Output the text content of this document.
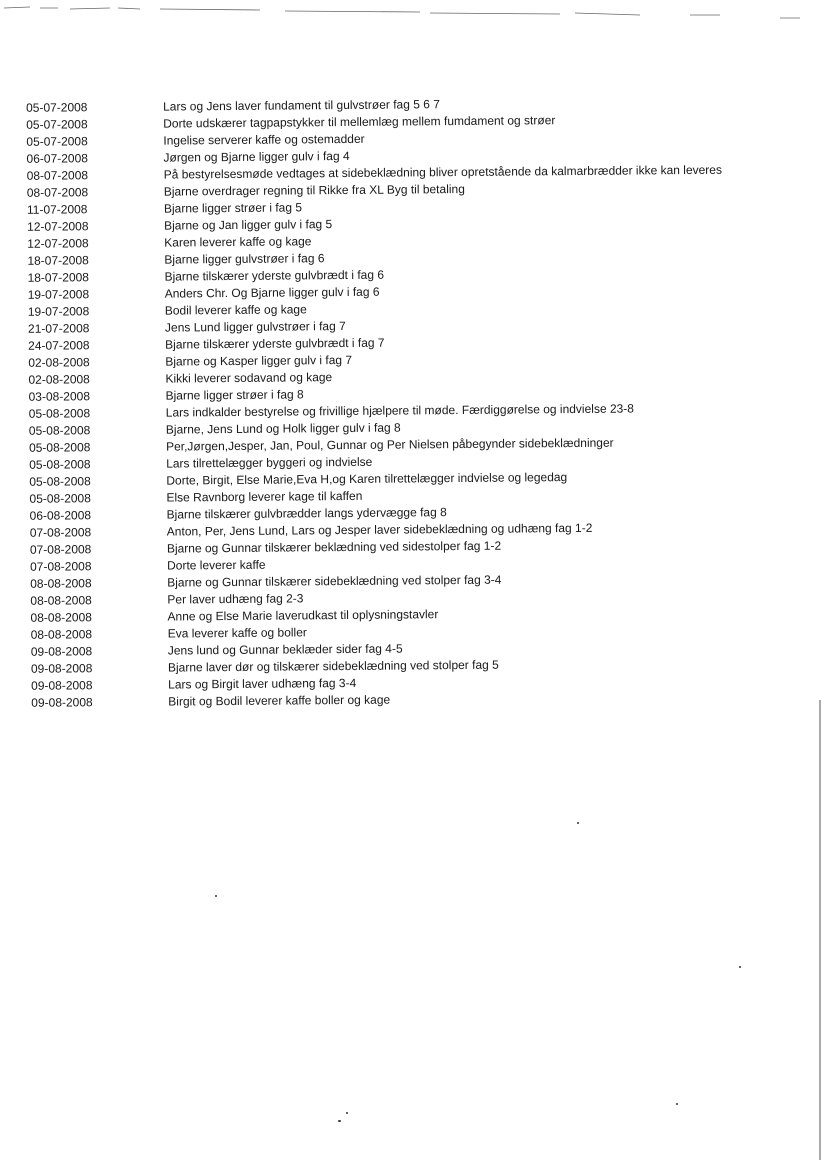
05-07-2008	Lars og Jens laver fundament til gulvstrøer fag 5 6 7
05-07-2008	Dorte udskærer tagpapstykker til mellemlæg mellem fumdament og strøer
05-07-2008	Ingelise serverer kaffe og ostemadder
06-07-2008	Jørgen og Bjarne ligger gulv i fag 4
08-07-2008	På bestyrelsesmøde vedtages at sidebeklædning bliver opretstående da kalmarbrædder ikke kan leveres
08-07-2008	Bjarne overdrager regning til Rikke fra XL Byg til betaling
11-07-2008	Bjarne ligger strøer i fag 5
12-07-2008	Bjarne og Jan ligger gulv i fag 5
12-07-2008	Karen leverer kaffe og kage
18-07-2008	Bjarne ligger gulvstrøer i fag 6
18-07-2008	Bjarne tilskærer yderste gulvbrædt i fag 6
19-07-2008	Anders Chr. Og Bjarne ligger gulv i fag 6
19-07-2008	Bodil leverer kaffe og kage
21-07-2008	Jens Lund ligger gulvstrøer i fag 7
24-07-2008	Bjarne tilskærer yderste gulvbrædt i fag 7
02-08-2008	Bjarne og Kasper ligger gulv i fag 7
02-08-2008	Kikki leverer sodavand og kage
03-08-2008	Bjarne ligger strøer i fag 8
05-08-2008	Lars indkalder bestyrelse og frivillige hjælpere til møde. Færdiggørelse og indvielse 23-8
05-08-2008	Bjarne, Jens Lund og Holk ligger gulv i fag 8
05-08-2008	Per,Jørgen,Jesper, Jan, Poul, Gunnar og Per Nielsen påbegynder sidebeklædninger
05-08-2008	Lars tilrettelægger byggeri og indvielse
05-08-2008	Dorte, Birgit, Else Marie,Eva H,og Karen tilrettelægger indvielse og legedag
05-08-2008	Else Ravnborg leverer kage til kaffen
06-08-2008	Bjarne tilskærer gulvbrædder langs ydervægge fag 8
07-08-2008	Anton, Per, Jens Lund, Lars og Jesper laver sidebeklædning og udhæng fag 1-2
07-08-2008	Bjarne og Gunnar tilskærer beklædning ved sidestolper fag 1-2
07-08-2008	Dorte leverer kaffe
08-08-2008	Bjarne og Gunnar tilskærer sidebeklædning ved stolper fag 3-4
08-08-2008	Per laver udhæng fag 2-3
08-08-2008	Anne og Else Marie laverudkast til oplysningstavler
08-08-2008	Eva leverer kaffe og boller
09-08-2008	Jens lund og Gunnar beklæder sider fag 4-5
09-08-2008	Bjarne laver dør og tilskærer sidebeklædning ved stolper fag 5
09-08-2008	Lars og Birgit laver udhæng fag 3-4
09-08-2008	Birgit og Bodil leverer kaffe boller og kage
